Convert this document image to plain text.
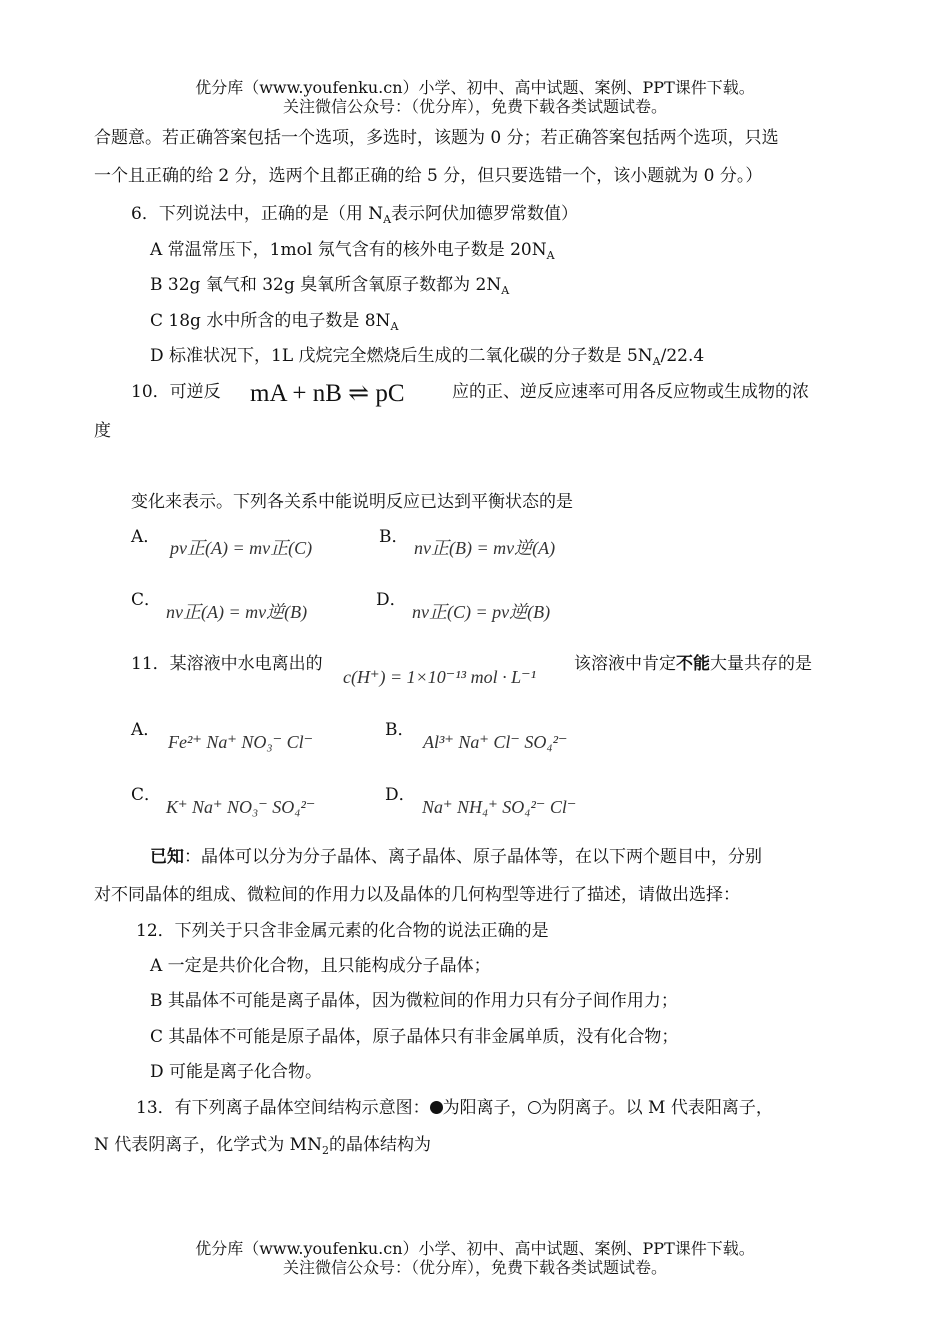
优分库（www.youfenku.cn）小学、初中、高中试题、案例、PPT课件下载。
关注微信公众号：（优分库），免费下载各类试题试卷。
合题意。若正确答案包括一个选项，多选时，该题为 0 分；若正确答案包括两个选项，只选
一个且正确的给 2 分，选两个且都正确的给 5 分，但只要选错一个，该小题就为 0 分。）
6．下列说法中，正确的是（用 $N_A$表示阿伏加德罗常数值）
A 常温常压下，1mol 氖气含有的核外电子数是 $20N_A$
B 32g 氧气和 32g 臭氧所含氧原子数都为 $2N_A$
C 18g 水中所含的电子数是 $8N_A$
D 标准状况下，1L 戊烷完全燃烧后生成的二氧化碳的分子数是 $5N_A/22.4$
10．可逆反 mA + nB ⇌ pC	应的正、逆反应速率可用各反应物或生成物的浓
度
变化来表示。下列各关系中能说明反应已达到平衡状态的是
A．
pv正(A) = mv正(C)
B．
nv正(B) = mv逆(A)
C．
nv正(A) = mv逆(B)
D．
nv正(C) = pv逆(B)
11．某溶液中水电离出的
c(H⁺) = 1×10⁻¹³ mol · L⁻¹
该溶液中肯定不能大量共存的是
A．
Fe²⁺ Na⁺ NO₃⁻ Cl⁻
B．
Al³⁺ Na⁺ Cl⁻ SO₄²⁻
C．
K⁺ Na⁺ NO₃⁻ SO₄²⁻
D．
Na⁺ NH₄⁺ SO₄²⁻ Cl⁻
已知：晶体可以分为分子晶体、离子晶体、原子晶体等，在以下两个题目中，分别
对不同晶体的组成、微粒间的作用力以及晶体的几何构型等进行了描述，请做出选择：
12．下列关于只含非金属元素的化合物的说法正确的是
A 一定是共价化合物，且只能构成分子晶体；
B 其晶体不可能是离子晶体，因为微粒间的作用力只有分子间作用力；
C 其晶体不可能是原子晶体，原子晶体只有非金属单质，没有化合物；
D 可能是离子化合物。
13．有下列离子晶体空间结构示意图： 为阳离子， 为阴离子。以 M 代表阳离子，
N 代表阴离子，化学式为 $MN_2$的晶体结构为
优分库（www.youfenku.cn）小学、初中、高中试题、案例、PPT课件下载。
关注微信公众号：（优分库），免费下载各类试题试卷。
